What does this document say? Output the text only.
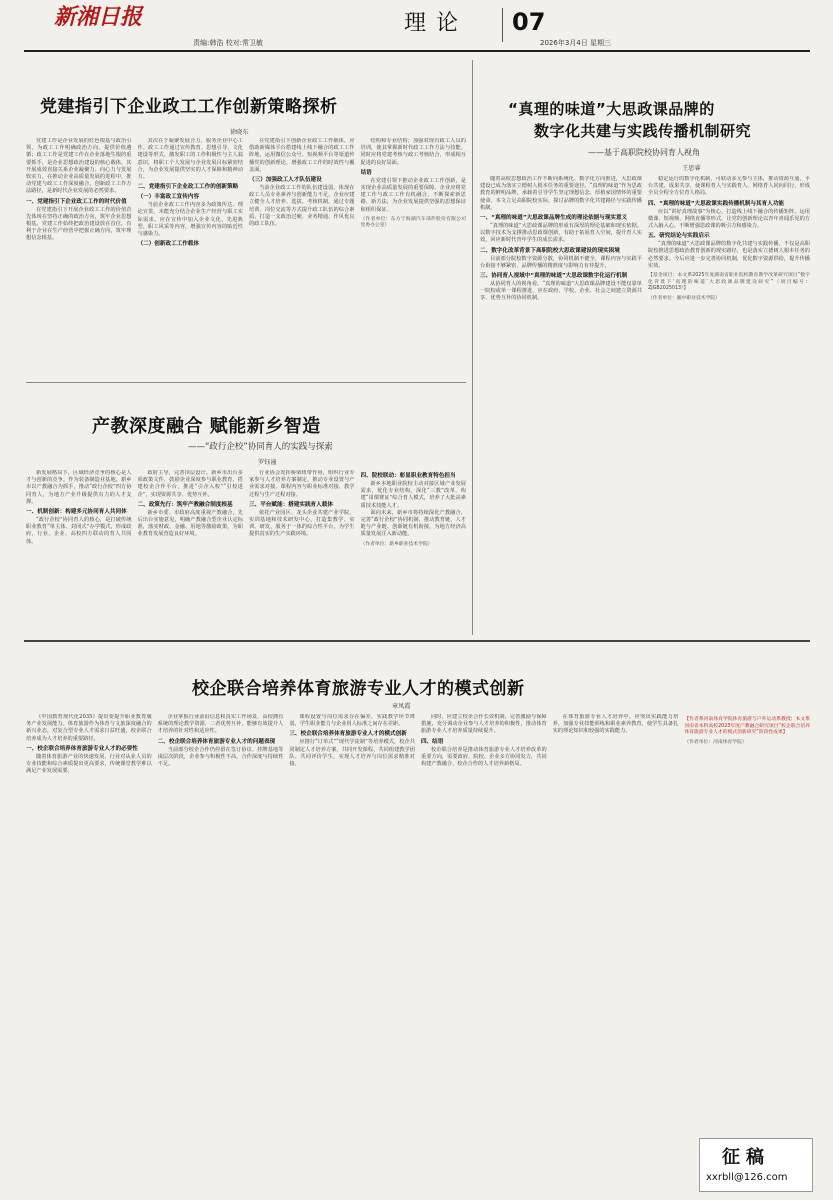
新湘日报
责编:韩浩 校对:常卫敏
理论 07
2026年3月4日 星期三
党建指引下企业政工工作创新策略探析
徐晓东

党建工作是企业发展的红色根基与政治引领，为政工工作明确政治方向，提供价值遵循；政工工作是党建工作在企业落地生根的重要抓手，是企业思想政治建设的核心载体，其开展成效直接关系企业凝聚力、向心力与发展软实力。在推动企业高质量发展的进程中，推动党建与政工工作深度融合，创新政工工作方法路径，是新时代企业发展的必然要求。

一、党建指引下企业政工工作的时代价值

在党建指引下开展企业政工工作的价值首先体现在坚持正确的政治方向，筑牢企业思想根基。党建工作始终把政治建设放在首位，有利于企业在生产经营中把握正确方向，筑牢理想信念根基。

其次在于凝聚发展合力，服务企业中心工作。政工工作通过宣传教育、思想引导、文化建设等形式，激发职工的工作积极性与主人翁意识，将职工个人发展与企业发展目标紧密结合，为企业发展提供坚实的人才保障和精神动力。

二、党建指引下企业政工工作的创新策略
（一）丰富政工宣传内容

当前企业政工工作内容多为政策传达、理论宣贯，未能充分结合企业生产经营与职工实际需求。应在宣传中加入企业文化、先进典型、职工风采等内容，增强宣传内容的贴近性与感染力。

（二）创新政工工作载体

在党建指引下创新企业政工工作载体，应借助新媒体平台搭建线上线下融合的政工工作阵地，运用微信公众号、短视频平台等渠道传播党的创新理论，增强政工工作的时效性与覆盖面。

（三）加强政工人才队伍建设

当前企业政工工作的队伍建设弱，体现在政工人员专业素养与创新能力不足。企业应建立健全人才培养、选拔、考核机制，通过专题培训、岗位交流等方式提升政工队伍的综合素质，打造一支政治过硬、业务精通、作风优良的政工队伍。

结构和专业结构；加强对现有政工人员的培训，使其掌握新时代政工工作方法与技能。同时应将党建考核与政工考核结合，形成相互促进的良好局面。

结语

在党建引领下推动企业政工工作创新，是实现企业高质量发展的重要保障。企业应将党建工作与政工工作有机融合，不断探索新思路、新方法，为企业发展提供坚强的思想保证和组织保证。

（作者单位：东方宁海湖汽车部件股份有限公司党委办公室）
“真理的味道”大思政课品牌的
数字化共建与实践传播机制研究
——基于高职院校协同育人视角
王思睿

随着高校思想政治工作不断向系统化、数字化方向推进，大思政课建设已成为落实立德树人根本任务的重要途径。“真理的味道”作为思政教育的鲜明品牌，承载着引导学生坚定理想信念、厚植家国情怀的重要使命。本文立足高职院校实际，探讨品牌的数字化共建路径与实践传播机制。

一、“真理的味道”大思政课品牌生成的理论依据与现实意义

“真理的味道”大思政课品牌的形成有深厚的理论基础和现实依据。以数字技术为支撑推动思政课创新，有助于拓展育人空间，提升育人实效，回应新时代青年学生的成长需求。

二、数字化改革背景下高职院校大思政课建设的现实困境

目前部分院校数字资源分散，协同机制不健全，课程内容与实践平台衔接不够紧密，品牌传播的精准度与影响力有待提升。

三、协同育人视域中“真理的味道”大思政课数字化运行机制

从协同育人的视角看，“真理的味道”大思政课品牌建设不能仅靠单一院校或单一课程推进，应在政府、学校、企业、社会之间建立资源共享、优势互补的协同机制。

稳定运行的数字化机制，可联动多元参与主体，推动资源互通、平台共建、成果共享，使课程育人与实践育人、网络育人同向同行，形成全员全程全方位育人格局。

四、“真理的味道”大思政课实践传播机制与其育人功能

应以“讲好真理故事”为核心，打造线上线下融合的传播矩阵，运用微课、短视频、网络直播等形式，让党的创新理论以青年喜闻乐见的方式入脑入心，不断增强思政课的吸引力和感染力。

五、研究结论与实践启示

“真理的味道”大思政课品牌的数字化共建与实践传播，不仅是高职院校推进思想政治教育创新的现实路径，也是落实立德树人根本任务的必然要求。今后应进一步完善协同机制，优化数字资源供给，提升传播实效。

【基金项目：本文系2025年度湖南省职业院校教育教学改革研究项目“数字化背景下‘真理的味道’大思政课品牌建设研究”（项目编号：ZJGB2025013）】
（作者单位：湘中职业技术学院）
产教深度融合 赋能新乡智造
——“政行企校”协同育人的实践与探索
罗钰潼

新发展格局下，区域经济竞争的核心是人才与创新的竞争。作为装备制造业基地，新乡市以产教融合为抓手，推动“政行企校”四方协同育人，为地方产业升级提供有力的人才支撑。

一、机制创新：构建多元协同育人共同体

“政行企校”协同育人的核心，是打破传统职业教育“单主体、封闭式”办学模式，形成政府、行业、企业、高校四方联动的育人共同体。

政府主导，完善顶层设计。新乡市出台多项政策文件，鼓励企业深度参与职业教育，搭建校企合作平台，推进“引企入校”“引校进企”，实现资源共享、优势互补。

二、政策先行：筑牢产教融合制度根基

新乡市委、市政府高度重视产教融合，先后出台实施意见，明确产教融合型企业认定标准，落实财政、金融、用地等激励政策，为职业教育发展营造良好环境。

行业协会发挥桥梁纽带作用，组织行业专家参与人才培养方案制定，推动专业设置与产业需求对接、课程内容与职业标准对接、教学过程与生产过程对接。

三、平台赋能：搭建实践育人载体

依托产业园区、龙头企业共建产业学院、实训基地和技术研发中心，打造集教学、实训、研发、服务于一体的综合性平台，为学生提供真实的生产实践环境。

四、院校联动：彰显职业教育特色担当

新乡本地职业院校主动对接区域产业发展需求，优化专业结构，深化“三教”改革，构建“岗课赛证”综合育人模式，培养了大批高素质技术技能人才。

面向未来，新乡市将持续深化产教融合，完善“政行企校”协同机制，推动教育链、人才链与产业链、创新链有机衔接，为地方经济高质量发展注入新动能。

（作者单位：新乡职业技术学院）
校企联合培养体育旅游专业人才的模式创新
章凤霞

《中国教育现代化2035》提出要提升职业教育服务产业发展能力。体育旅游作为体育与文旅深度融合的新兴业态，对复合型专业人才需求日益旺盛，校企联合培养成为人才培养的重要路径。

一、校企联合培养体育旅游专业人才的必要性

随着体育旅游产业的快速发展，行业对从业人员的专业技能和综合素质提出更高要求，传统课堂教学难以满足产业发展需要。

企业掌握行业前沿信息和真实工作场景，高校拥有系统的理论教学资源，二者优势互补，能够有效提升人才培养的针对性和适应性。

二、校企联合培养体育旅游专业人才的问题表现

当前部分校企合作仍停留在签订协议、挂牌基地等浅层次阶段，企业参与积极性不高，合作深度与持续性不足。

课程设置与岗位需求存在偏差，实践教学环节薄弱，学生职业能力与企业用人标准之间存在差距。

三、校企联合培养体育旅游专业人才的模式创新

应推行“订单式”“现代学徒制”等培养模式，校企共同制定人才培养方案、共同开发课程、共同组建教学团队、共同评价学生，实现人才培养与岗位需求精准对接。

同时，应建立校企合作长效机制，完善激励与保障措施，充分调动企业参与人才培养的积极性，推动体育旅游专业人才培养质量持续提升。

四、结语

校企联合培养是推动体育旅游专业人才培养改革的重要方向，需要政府、院校、企业多方协同发力，共同构建产教融合、校企合作的人才培养新格局。

在体育旅游专业人才培养中，应突出实践能力培养，加强专业技能训练和职业素养教育，使学生具备扎实的理论知识和较强的实践能力。

【作者系河南体育学院休育旅游与户外运动系教授；本文系河南省本科高校2023年度产教融合研究项目“校企联合培养体育旅游专业人才的模式创新研究”阶段性成果】
（作者单位：河南体育学院）
征稿
xxrbll@126.com
